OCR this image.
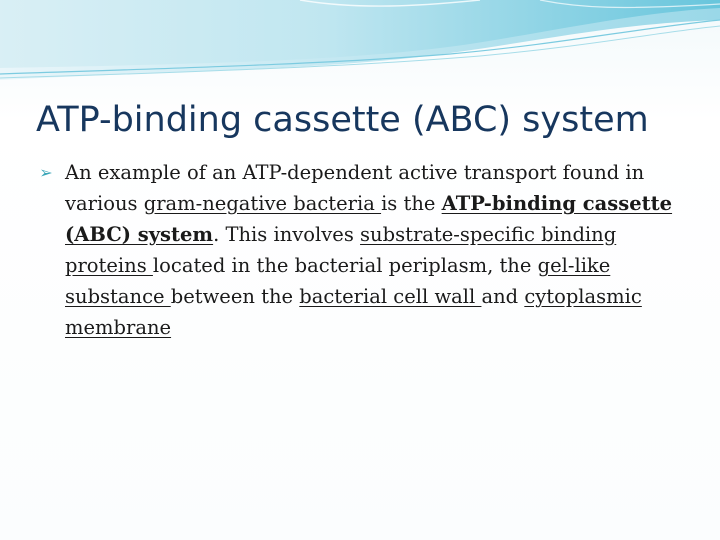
ATP-binding cassette (ABC) system
➢ An example of an ATP-dependent active transport found in various gram-negative bacteria is the ATP-binding cassette (ABC) system. This involves substrate-specific binding proteins located in the bacterial periplasm, the gel-like substance between the bacterial cell wall and cytoplasmic membrane
